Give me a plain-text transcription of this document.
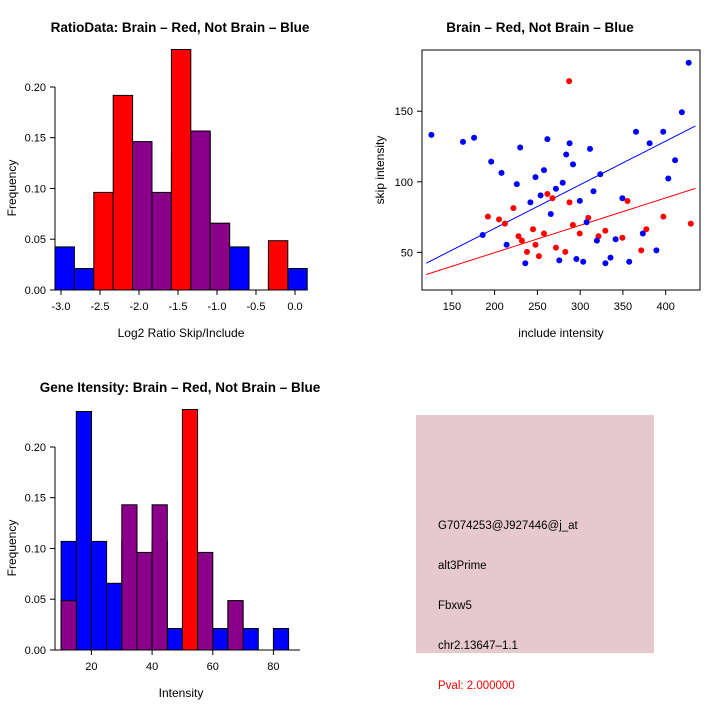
RatioData: Brain – Red, Not Brain – Blue
0.00
0.05
0.10
0.15
0.20
-3.0 -2.5 -2.0 -1.5 -1.0 -0.5 0.0
Log2 Ratio Skip/Include
Frequency
Brain – Red, Not Brain – Blue
50
100
150
150 200 250 300 350 400
include intensity
skip intensity
Gene Itensity: Brain – Red, Not Brain – Blue
0.00
0.05
0.10
0.15
0.20
20	40	60	80
Intensity
Frequency	G7074253@J927446@j_at
alt3Prime
Fbxw5
chr2.13647–1.1
Pval: 2.000000
